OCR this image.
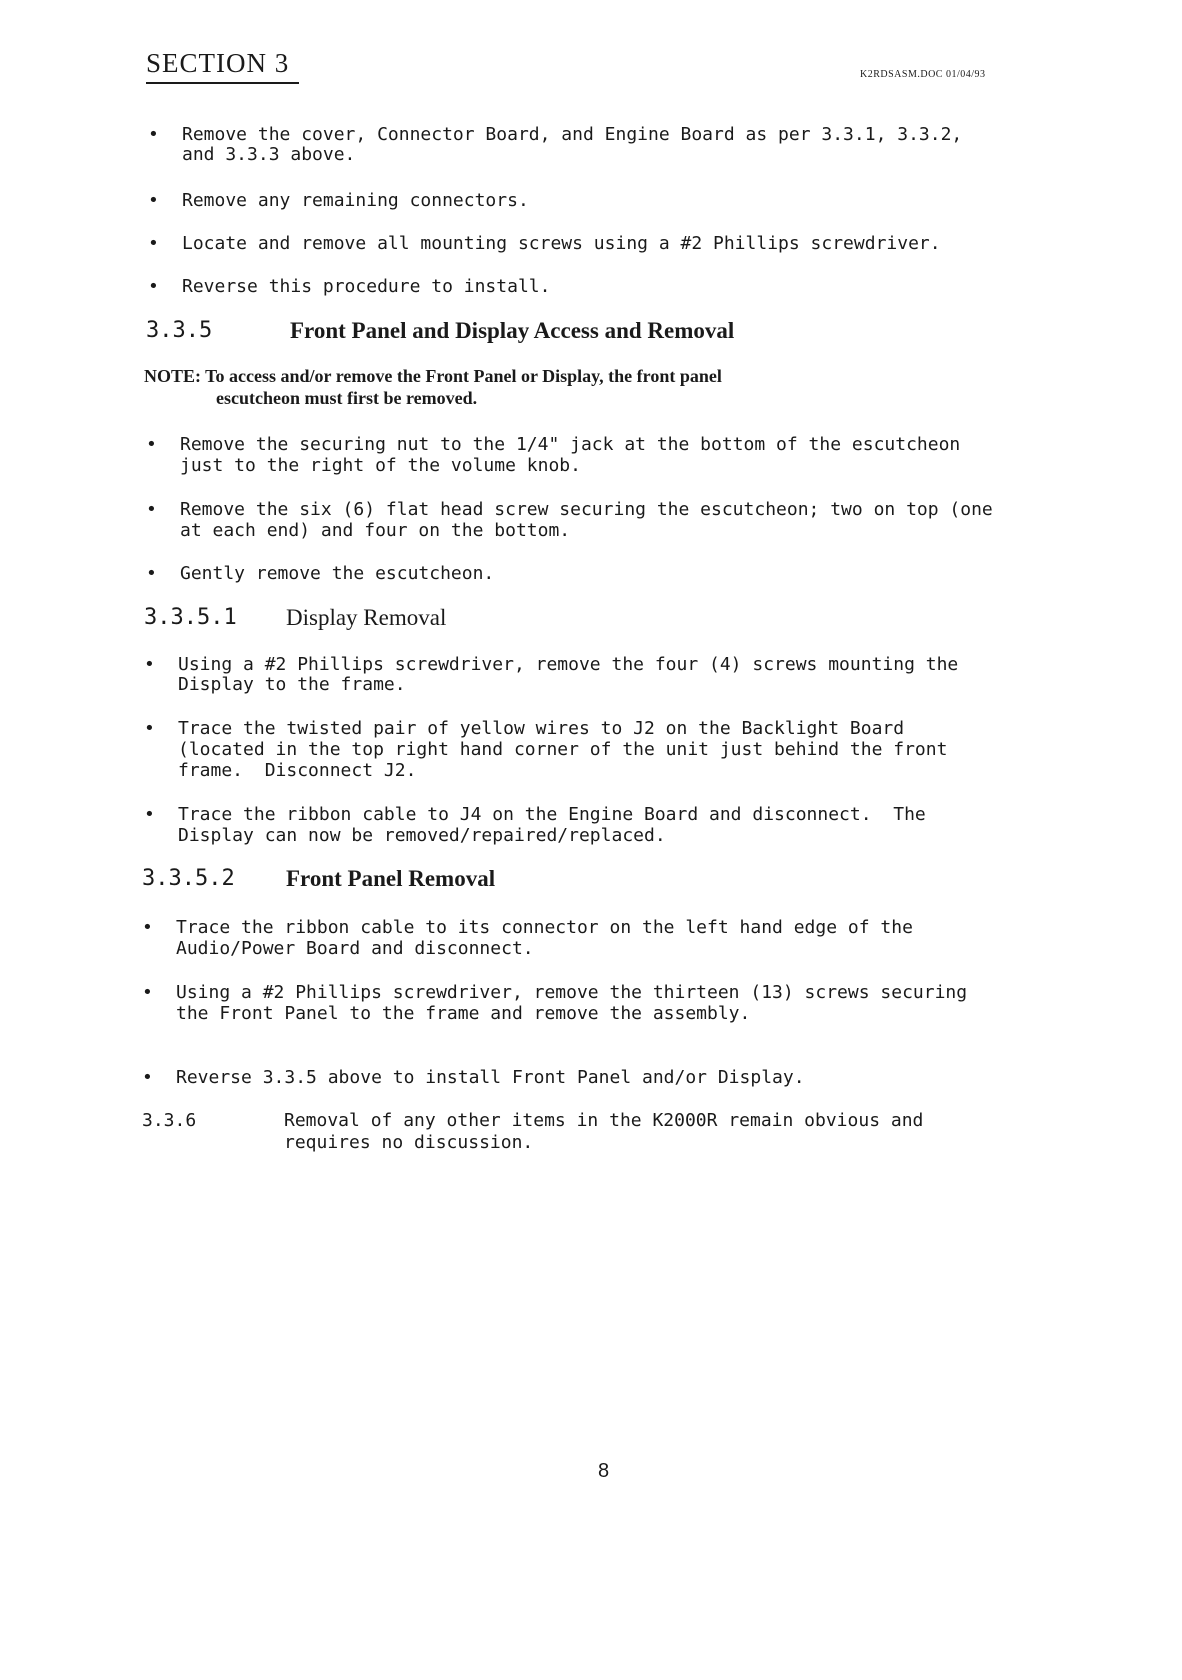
SECTION 3	K2RDSASM.DOC 01/04/93
• Remove the cover, Connector Board, and Engine Board as per 3.3.1, 3.3.2,
and 3.3.3 above.
• Remove any remaining connectors.
• Locate and remove all mounting screws using a #2 Phillips screwdriver.
• Reverse this procedure to install.
3.3.5	Front Panel and Display Access and Removal
NOTE: To access and/or remove the Front Panel or Display, the front panel
escutcheon must first be removed.
• Remove the securing nut to the 1/4" jack at the bottom of the escutcheon
just to the right of the volume knob.
• Remove the six (6) flat head screw securing the escutcheon; two on top (one
at each end) and four on the bottom.
• Gently remove the escutcheon.
3.3.5.1 Display Removal
• Using a #2 Phillips screwdriver, remove the four (4) screws mounting the
Display to the frame.
• Trace the twisted pair of yellow wires to J2 on the Backlight Board
(located in the top right hand corner of the unit just behind the front
frame.  Disconnect J2.
• Trace the ribbon cable to J4 on the Engine Board and disconnect.  The
Display can now be removed/repaired/replaced.
3.3.5.2 Front Panel Removal
• Trace the ribbon cable to its connector on the left hand edge of the
Audio/Power Board and disconnect.
• Using a #2 Phillips screwdriver, remove the thirteen (13) screws securing
the Front Panel to the frame and remove the assembly.
• Reverse 3.3.5 above to install Front Panel and/or Display.
3.3.6	Removal of any other items in the K2000R remain obvious and
requires no discussion.
8
